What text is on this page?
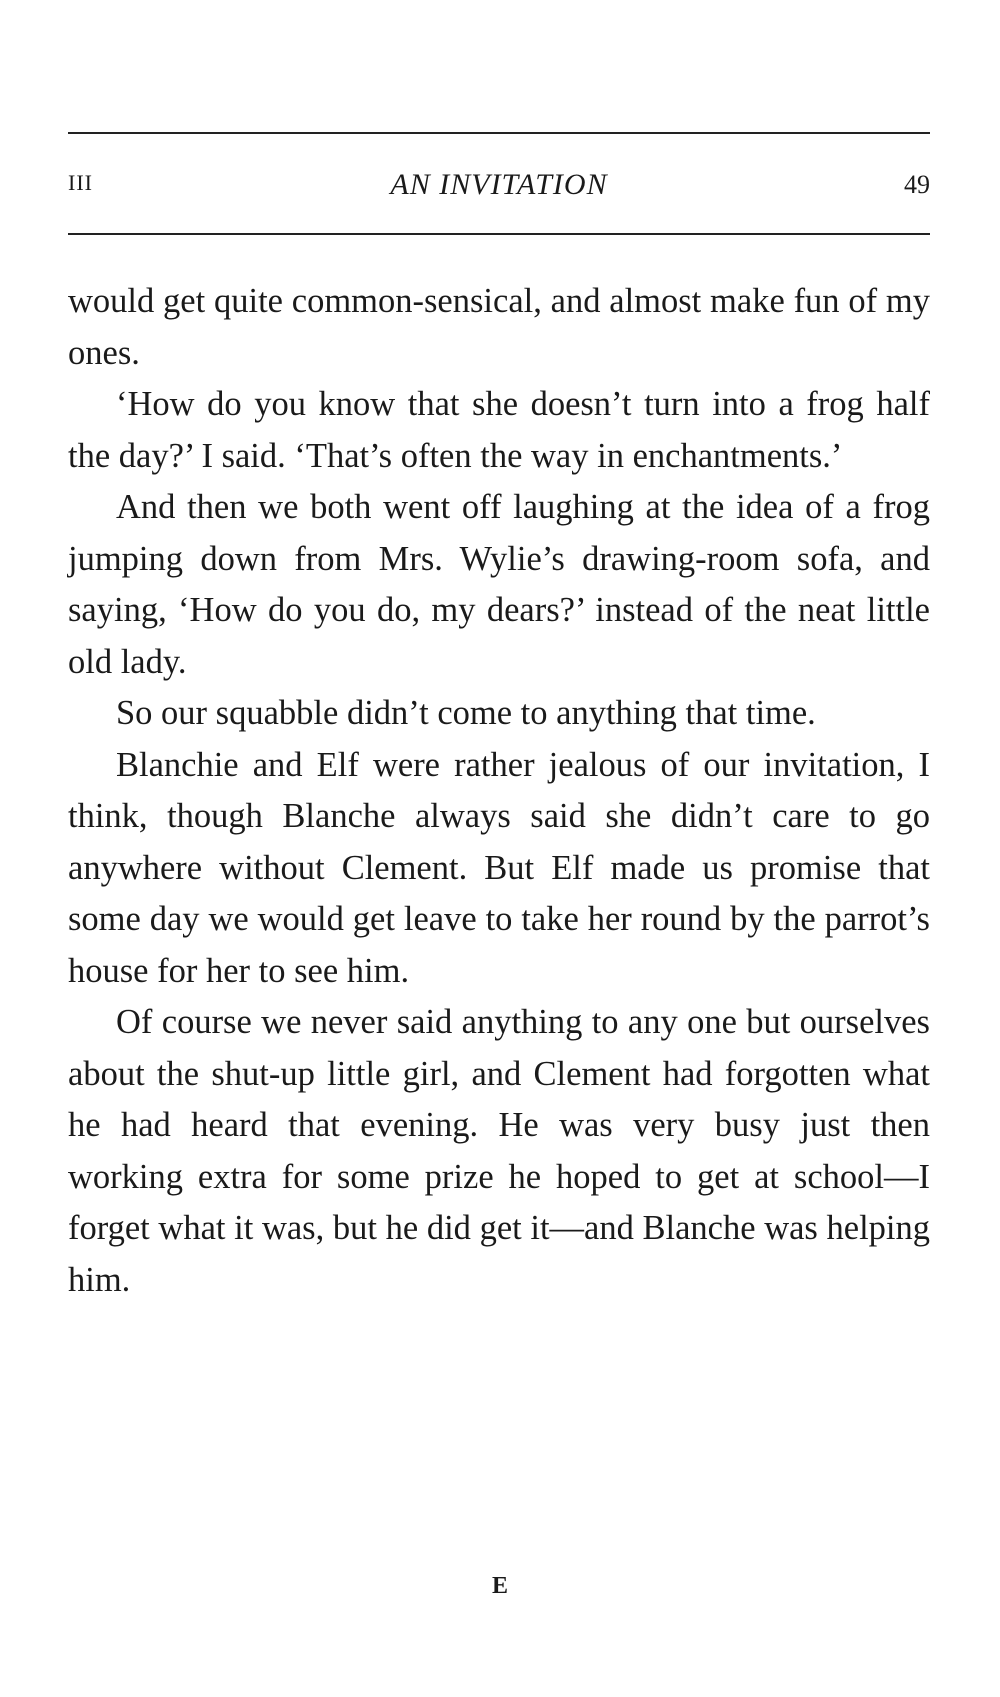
III	AN INVITATION	49

would get quite common-sensical, and almost make fun of my ones.

‘How do you know that she doesn’t turn into a frog half the day?’ I said. ‘That’s often the way in enchantments.’

And then we both went off laughing at the idea of a frog jumping down from Mrs. Wylie’s drawing-room sofa, and saying, ‘How do you do, my dears?’ instead of the neat little old lady.

So our squabble didn’t come to anything that time.

Blanchie and Elf were rather jealous of our invitation, I think, though Blanche always said she didn’t care to go anywhere without Clement. But Elf made us promise that some day we would get leave to take her round by the parrot’s house for her to see him.

Of course we never said anything to any one but ourselves about the shut-up little girl, and Clement had forgotten what he had heard that evening. He was very busy just then working extra for some prize he hoped to get at school—I forget what it was, but he did get it—and Blanche was helping him.

E
